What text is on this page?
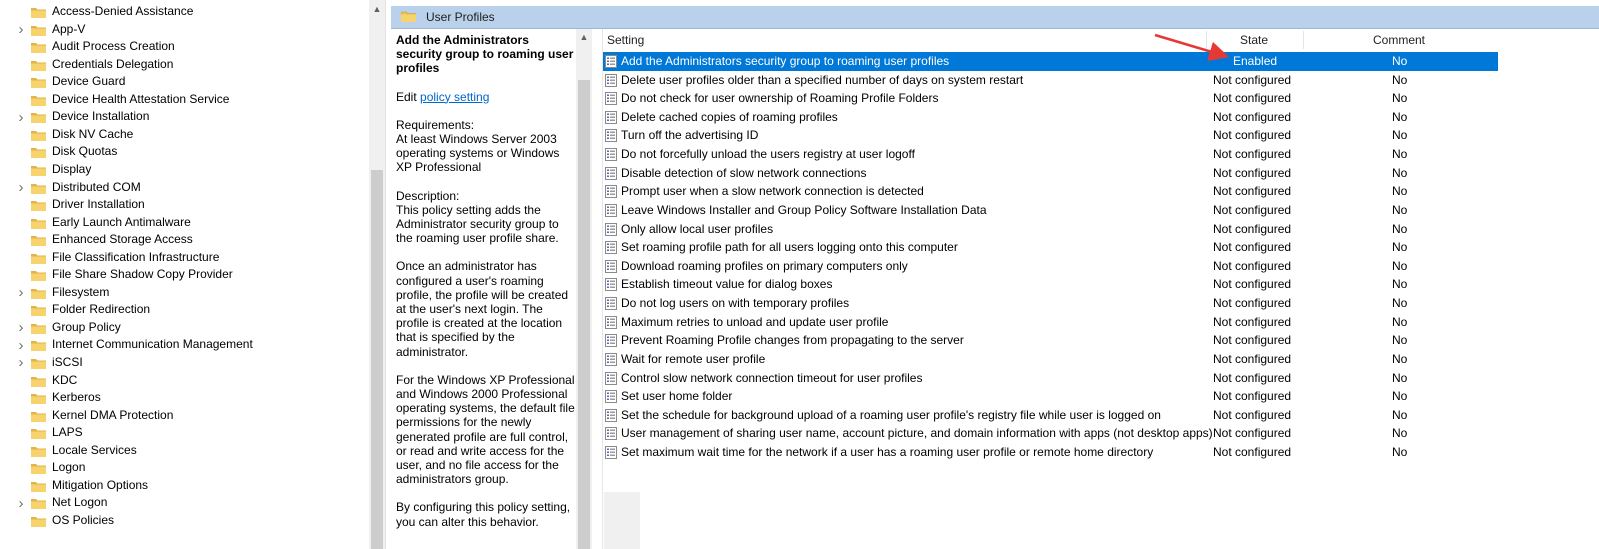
Access-Denied Assistance
› App-V
Audit Process Creation
Credentials Delegation
Device Guard
Device Health Attestation Service
› Device Installation
Disk NV Cache
Disk Quotas
Display
› Distributed COM
Driver Installation
Early Launch Antimalware
Enhanced Storage Access
File Classification Infrastructure
File Share Shadow Copy Provider
› Filesystem
Folder Redirection
› Group Policy
› Internet Communication Management
› iSCSI
KDC
Kerberos
Kernel DMA Protection
LAPS
Locale Services
Logon
Mitigation Options
› Net Logon
OS Policies
▲
User Profiles
Add the Administrators security group to roaming user profiles

Edit policy setting

Requirements:
At least Windows Server 2003 operating systems or Windows XP Professional

Description:
This policy setting adds the Administrator security group to the roaming user profile share.

Once an administrator has configured a user's roaming profile, the profile will be created at the user's next login. The profile is created at the location that is specified by the administrator.

For the Windows XP Professional and Windows 2000 Professional operating systems, the default file permissions for the newly generated profile are full control, or read and write access for the user, and no file access for the administrators group.

By configuring this policy setting, you can alter this behavior.

▲ Setting	State	Comment
Add the Administrators security group to roaming user profiles	Enabled	No
Delete user profiles older than a specified number of days on system restart	Not configured	No
Do not check for user ownership of Roaming Profile Folders	Not configured	No
Delete cached copies of roaming profiles	Not configured	No
Turn off the advertising ID	Not configured	No
Do not forcefully unload the users registry at user logoff	Not configured	No
Disable detection of slow network connections	Not configured	No
Prompt user when a slow network connection is detected	Not configured	No
Leave Windows Installer and Group Policy Software Installation Data	Not configured	No
Only allow local user profiles	Not configured	No
Set roaming profile path for all users logging onto this computer	Not configured	No
Download roaming profiles on primary computers only	Not configured	No
Establish timeout value for dialog boxes	Not configured	No
Do not log users on with temporary profiles	Not configured	No
Maximum retries to unload and update user profile	Not configured	No
Prevent Roaming Profile changes from propagating to the server	Not configured	No
Wait for remote user profile	Not configured	No
Control slow network connection timeout for user profiles	Not configured	No
Set user home folder	Not configured	No
Set the schedule for background upload of a roaming user profile's registry file while user is logged on	Not configured	No
User management of sharing user name, account picture, and domain information with apps (not desktop apps) Not configured	No
Set maximum wait time for the network if a user has a roaming user profile or remote home directory	Not configured	No
